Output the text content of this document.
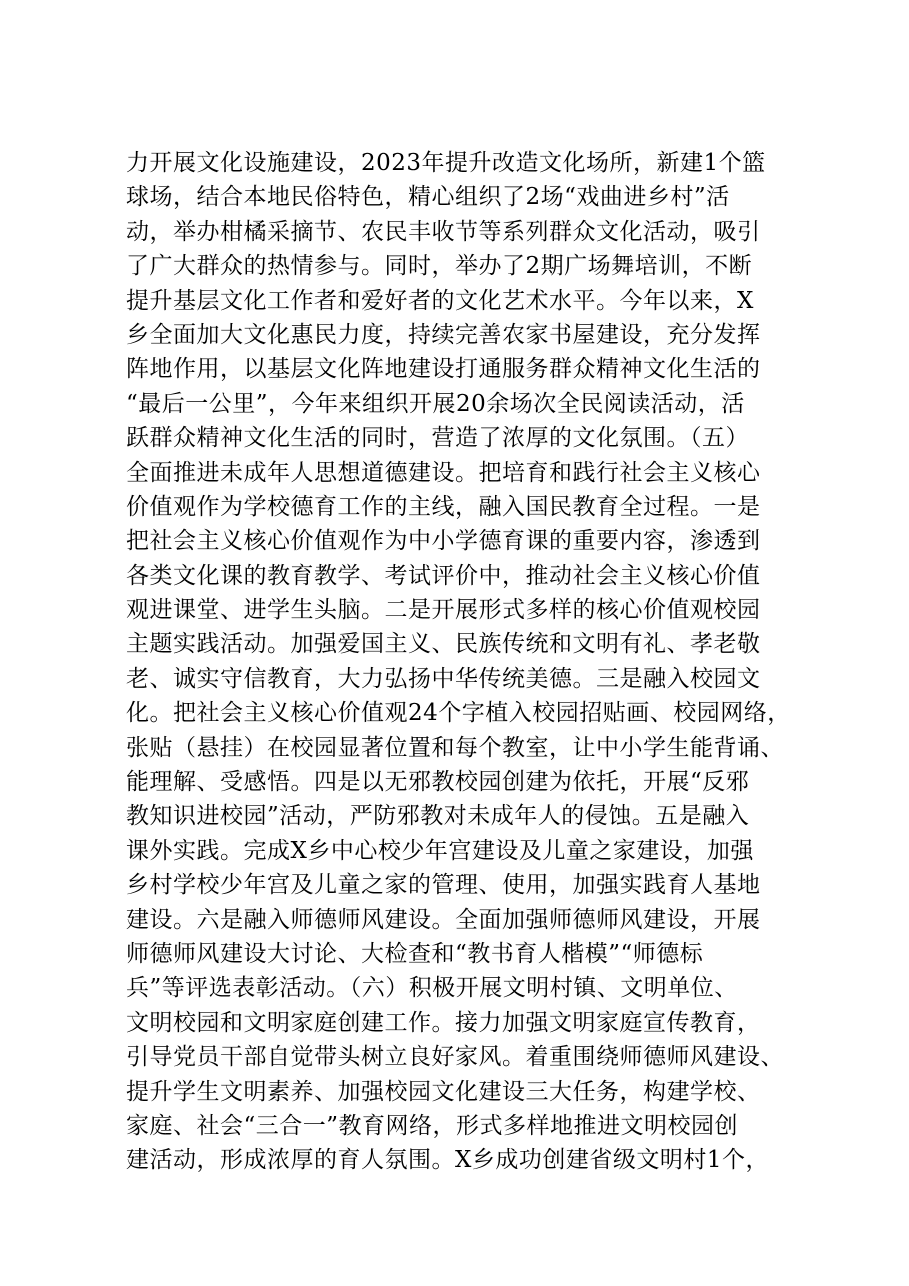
力开展文化设施建设，2023年提升改造文化场所，新建1个篮
球场，结合本地民俗特色，精心组织了2场“戏曲进乡村”活
动，举办柑橘采摘节、农民丰收节等系列群众文化活动，吸引
了广大群众的热情参与。同时，举办了2期广场舞培训，不断
提升基层文化工作者和爱好者的文化艺术水平。今年以来，X
乡全面加大文化惠民力度，持续完善农家书屋建设，充分发挥
阵地作用，以基层文化阵地建设打通服务群众精神文化生活的
“最后一公里”，今年来组织开展20余场次全民阅读活动，活
跃群众精神文化生活的同时，营造了浓厚的文化氛围。（五）
全面推进未成年人思想道德建设。把培育和践行社会主义核心
价值观作为学校德育工作的主线，融入国民教育全过程。一是
把社会主义核心价值观作为中小学德育课的重要内容，渗透到
各类文化课的教育教学、考试评价中，推动社会主义核心价值
观进课堂、进学生头脑。二是开展形式多样的核心价值观校园
主题实践活动。加强爱国主义、民族传统和文明有礼、孝老敬
老、诚实守信教育，大力弘扬中华传统美德。三是融入校园文
化。把社会主义核心价值观24个字植入校园招贴画、校园网络，
张贴（悬挂）在校园显著位置和每个教室，让中小学生能背诵、
能理解、受感悟。四是以无邪教校园创建为依托，开展“反邪
教知识进校园”活动，严防邪教对未成年人的侵蚀。五是融入
课外实践。完成X乡中心校少年宫建设及儿童之家建设，加强
乡村学校少年宫及儿童之家的管理、使用，加强实践育人基地
建设。六是融入师德师风建设。全面加强师德师风建设，开展
师德师风建设大讨论、大检查和“教书育人楷模”“师德标
兵”等评选表彰活动。（六）积极开展文明村镇、文明单位、
文明校园和文明家庭创建工作。接力加强文明家庭宣传教育，
引导党员干部自觉带头树立良好家风。着重围绕师德师风建设、
提升学生文明素养、加强校园文化建设三大任务，构建学校、
家庭、社会“三合一”教育网络，形式多样地推进文明校园创
建活动，形成浓厚的育人氛围。X乡成功创建省级文明村1个，
